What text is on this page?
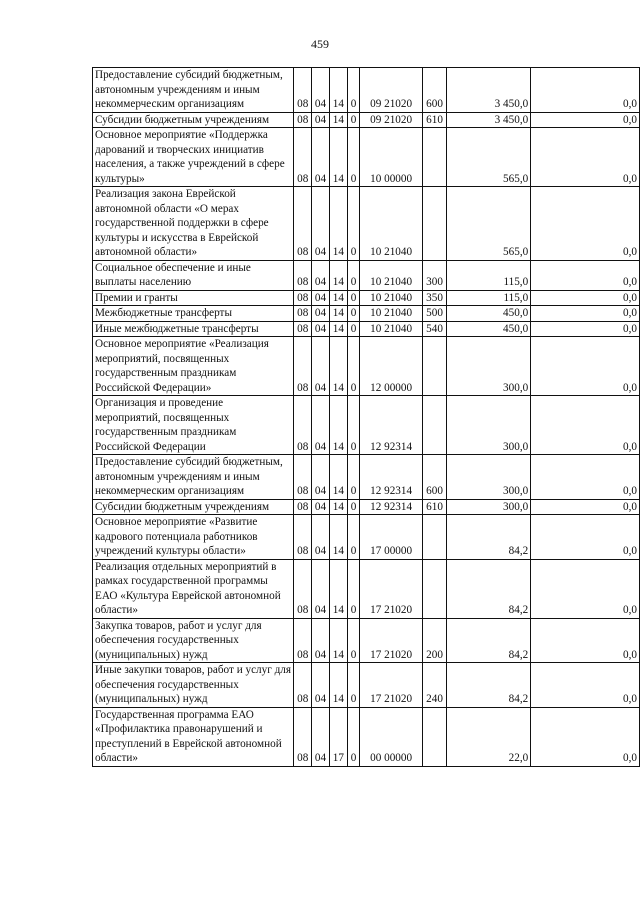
459
Предоставление субсидий бюджетным, автономным учреждениям и иным некоммерческим организациям	08	04	14	0	09 21020	600	3 450,0	0,0
Субсидии бюджетным учреждениям	08	04	14	0	09 21020	610	3 450,0	0,0
Основное мероприятие «Поддержка дарований и творческих инициатив населения, а также учреждений в сфере культуры»	08	04	14	0	10 00000		565,0	0,0
Реализация закона Еврейской автономной области «О мерах государственной поддержки в сфере культуры и искусства в Еврейской автономной области»	08	04	14	0	10 21040		565,0	0,0
Социальное обеспечение и иные выплаты населению	08	04	14	0	10 21040	300	115,0	0,0
Премии и гранты	08	04	14	0	10 21040	350	115,0	0,0
Межбюджетные трансферты	08	04	14	0	10 21040	500	450,0	0,0
Иные межбюджетные трансферты	08	04	14	0	10 21040	540	450,0	0,0
Основное мероприятие «Реализация мероприятий, посвященных государственным праздникам Российской Федерации»	08	04	14	0	12 00000		300,0	0,0
Организация и проведение мероприятий, посвященных государственным праздникам Российской Федерации	08	04	14	0	12 92314		300,0	0,0
Предоставление субсидий бюджетным, автономным учреждениям и иным некоммерческим организациям	08	04	14	0	12 92314	600	300,0	0,0
Субсидии бюджетным учреждениям	08	04	14	0	12 92314	610	300,0	0,0
Основное мероприятие «Развитие кадрового потенциала работников учреждений культуры области»	08	04	14	0	17 00000		84,2	0,0
Реализация отдельных мероприятий в рамках государственной программы ЕАО «Культура Еврейской автономной области»	08	04	14	0	17 21020		84,2	0,0
Закупка товаров, работ и услуг для обеспечения государственных (муниципальных) нужд	08	04	14	0	17 21020	200	84,2	0,0
Иные закупки товаров, работ и услуг для обеспечения государственных (муниципальных) нужд	08	04	14	0	17 21020	240	84,2	0,0
Государственная программа ЕАО «Профилактика правонарушений и преступлений в Еврейской автономной области»	08	04	17	0	00 00000		22,0	0,0
